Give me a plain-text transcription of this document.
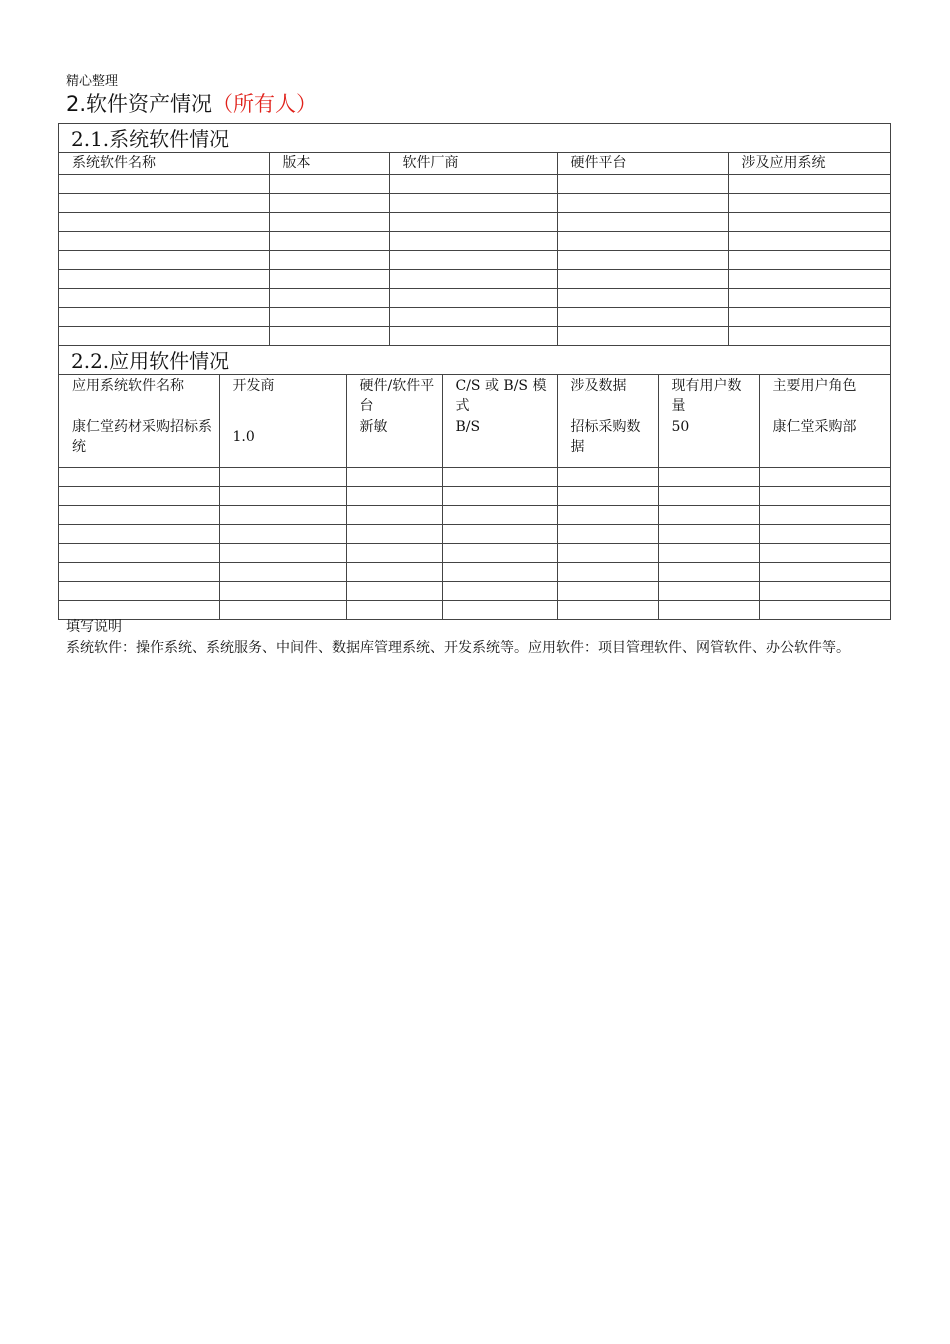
精心整理
2.软件资产情况（所有人）
2.1.系统软件情况
系统软件名称	版本	软件厂商	硬件平台	涉及应用系统

2.2.应用软件情况
应用系统软件名称	开发商	硬件/软件平台	C/S 或 B/S 模式	涉及数据	现有用户数量	主要用户角色
康仁堂药材采购招标系统	1.0	新敏	B/S	招标采购数据	50	康仁堂采购部

填写说明
系统软件：操作系统、系统服务、中间件、数据库管理系统、开发系统等。应用软件：项目管理软件、网管软件、办公软件等。
